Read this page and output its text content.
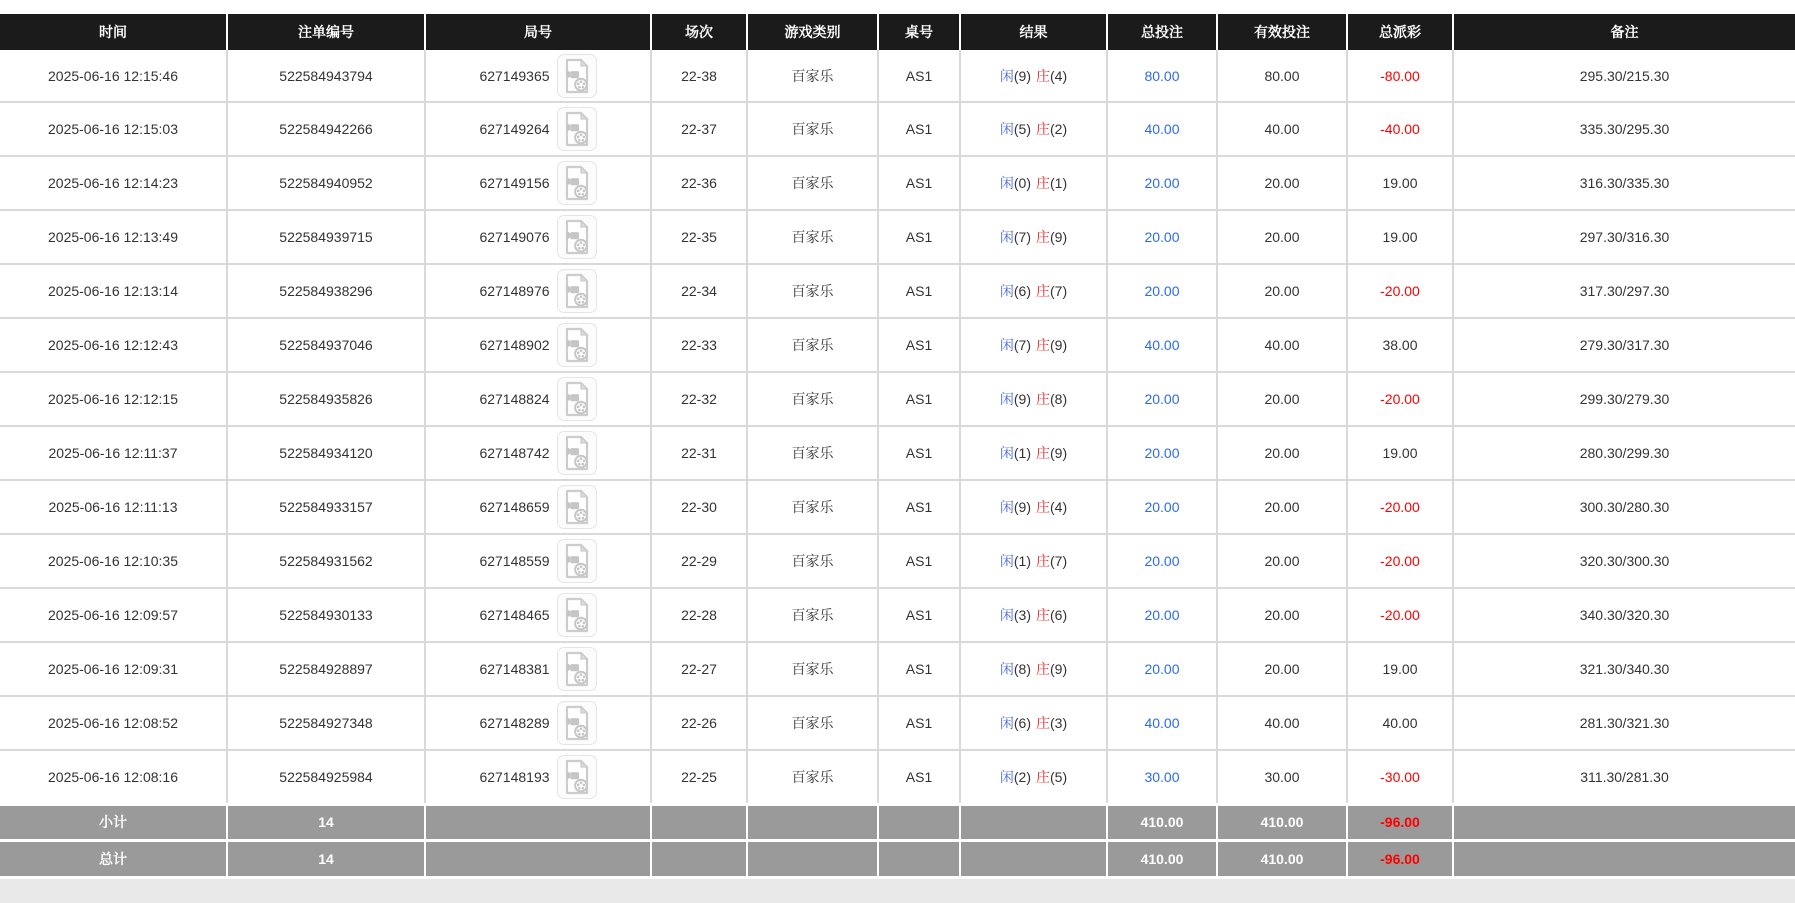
时间	注单编号	局号	场次	游戏类别	桌号	结果	总投注	有效投注	总派彩	备注
2025-06-16 12:15:46	522584943794	627149365	22-38	百家乐	AS1	闲(9) 庄(4)	80.00	80.00	-80.00	295.30/215.30
2025-06-16 12:15:03	522584942266	627149264	22-37	百家乐	AS1	闲(5) 庄(2)	40.00	40.00	-40.00	335.30/295.30
2025-06-16 12:14:23	522584940952	627149156	22-36	百家乐	AS1	闲(0) 庄(1)	20.00	20.00	19.00	316.30/335.30
2025-06-16 12:13:49	522584939715	627149076	22-35	百家乐	AS1	闲(7) 庄(9)	20.00	20.00	19.00	297.30/316.30
2025-06-16 12:13:14	522584938296	627148976	22-34	百家乐	AS1	闲(6) 庄(7)	20.00	20.00	-20.00	317.30/297.30
2025-06-16 12:12:43	522584937046	627148902	22-33	百家乐	AS1	闲(7) 庄(9)	40.00	40.00	38.00	279.30/317.30
2025-06-16 12:12:15	522584935826	627148824	22-32	百家乐	AS1	闲(9) 庄(8)	20.00	20.00	-20.00	299.30/279.30
2025-06-16 12:11:37	522584934120	627148742	22-31	百家乐	AS1	闲(1) 庄(9)	20.00	20.00	19.00	280.30/299.30
2025-06-16 12:11:13	522584933157	627148659	22-30	百家乐	AS1	闲(9) 庄(4)	20.00	20.00	-20.00	300.30/280.30
2025-06-16 12:10:35	522584931562	627148559	22-29	百家乐	AS1	闲(1) 庄(7)	20.00	20.00	-20.00	320.30/300.30
2025-06-16 12:09:57	522584930133	627148465	22-28	百家乐	AS1	闲(3) 庄(6)	20.00	20.00	-20.00	340.30/320.30
2025-06-16 12:09:31	522584928897	627148381	22-27	百家乐	AS1	闲(8) 庄(9)	20.00	20.00	19.00	321.30/340.30
2025-06-16 12:08:52	522584927348	627148289	22-26	百家乐	AS1	闲(6) 庄(3)	40.00	40.00	40.00	281.30/321.30
2025-06-16 12:08:16	522584925984	627148193	22-25	百家乐	AS1	闲(2) 庄(5)	30.00	30.00	-30.00	311.30/281.30
小计	14						410.00	410.00	-96.00	
总计	14						410.00	410.00	-96.00	
